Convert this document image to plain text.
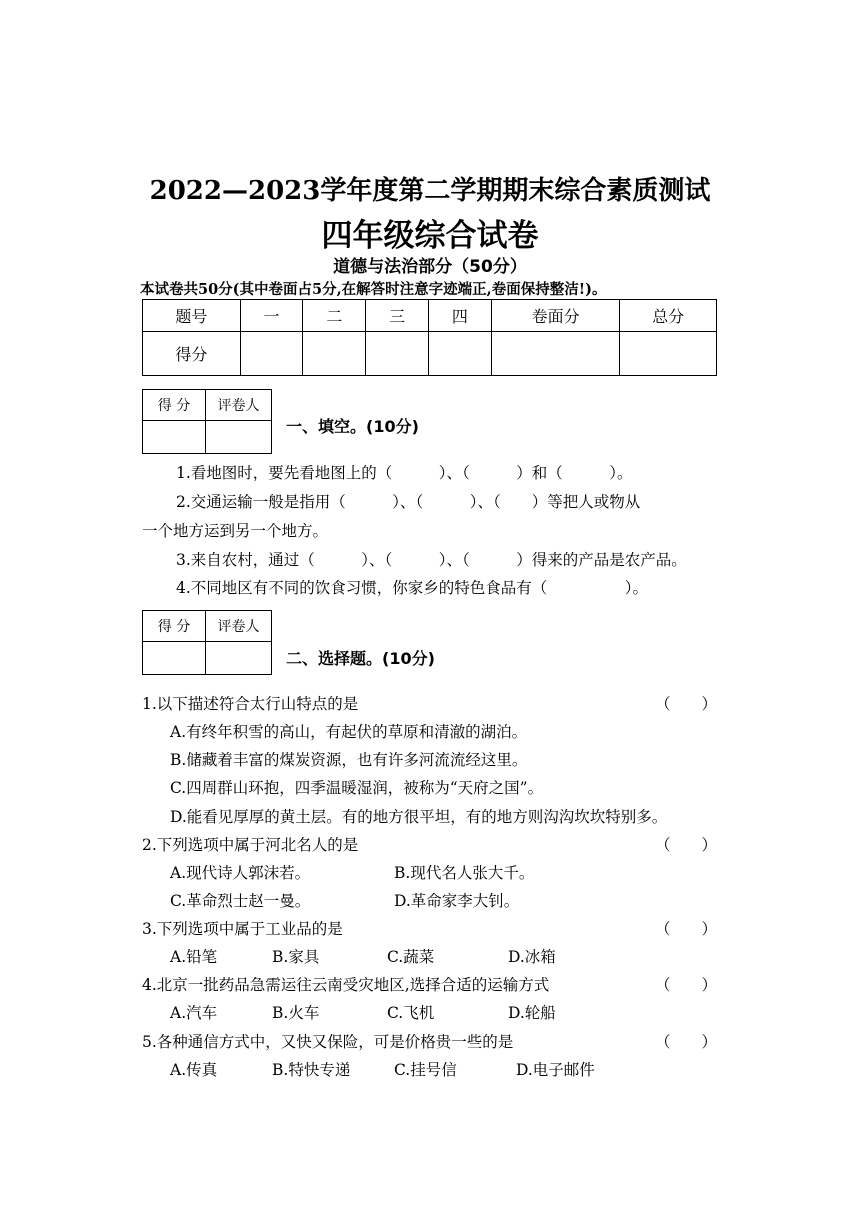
2022—2023学年度第二学期期末综合素质测试
四年级综合试卷
道德与法治部分（50分）
本试卷共50分(其中卷面占5分,在解答时注意字迹端正,卷面保持整洁!)。
题号	一	二	三	四	卷面分	总分
得分						
得 分	评卷人

一、填空。(10分)
1.看地图时，要先看地图上的（　　　）、（　　　）和（　　　）。
2.交通运输一般是指用（　　　）、（　　　）、（　　）等把人或物从
一个地方运到另一个地方。
3.来自农村，通过（　　　）、（　　　）、（　　　）得来的产品是农产品。
4.不同地区有不同的饮食习惯，你家乡的特色食品有（　　　　　）。
得 分	评卷人

二、选择题。(10分)
1.以下描述符合太行山特点的是	（　　）
A.有终年积雪的高山，有起伏的草原和清澈的湖泊。
B.储藏着丰富的煤炭资源，也有许多河流流经这里。
C.四周群山环抱，四季温暖湿润，被称为“天府之国”。
D.能看见厚厚的黄土层。有的地方很平坦，有的地方则沟沟坎坎特别多。
2.下列选项中属于河北名人的是	（　　）
A.现代诗人郭沫若。	B.现代名人张大千。
C.革命烈士赵一曼。	D.革命家李大钊。
3.下列选项中属于工业品的是	（　　）
A.铅笔	B.家具	C.蔬菜	D.冰箱
4.北京一批药品急需运往云南受灾地区,选择合适的运输方式	（　　）
A.汽车	B.火车	C.飞机	D.轮船
5.各种通信方式中，又快又保险，可是价格贵一些的是	（　　）
A.传真	B.特快专递	C.挂号信	D.电子邮件
